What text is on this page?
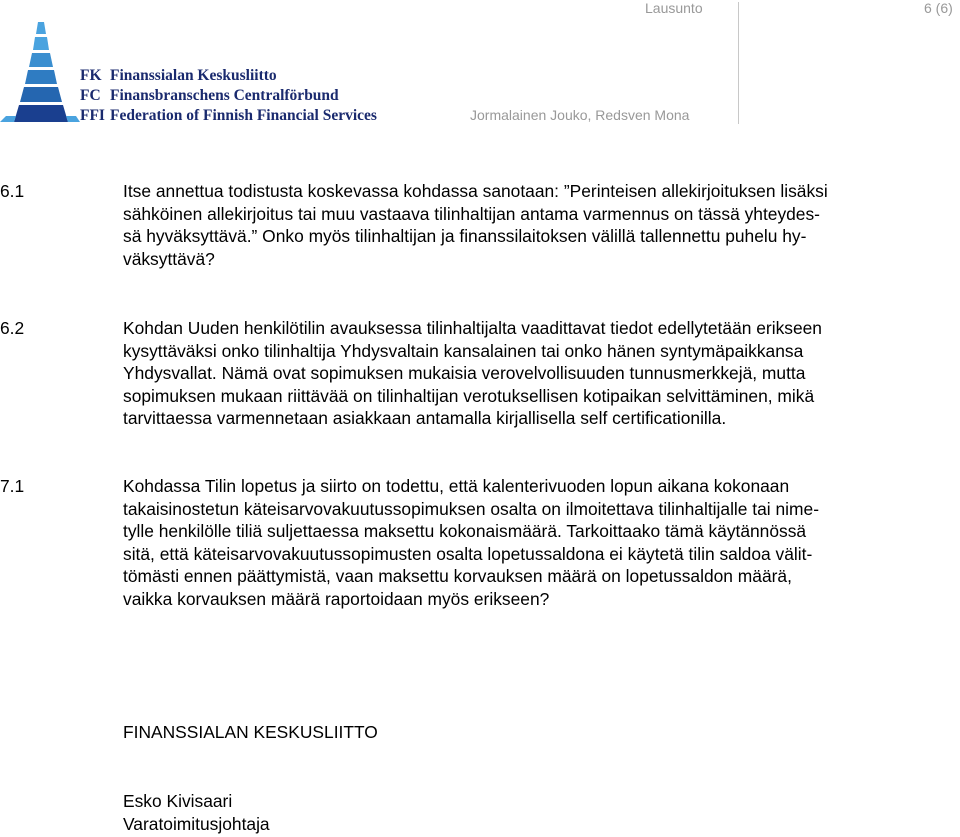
Lausunto	6 (6)
Jormalainen Jouko, Redsven Mona
FK Finanssialan Keskusliitto
FC Finansbranschens Centralförbund
FFI Federation of Finnish Financial Services
6.1	Itse annettua todistusta koskevassa kohdassa sanotaan: ”Perinteisen allekirjoituksen lisäksi
sähköinen allekirjoitus tai muu vastaava tilinhaltijan antama varmennus on tässä yhteydes-
sä hyväksyttävä.” Onko myös tilinhaltijan ja finanssilaitoksen välillä tallennettu puhelu hy-
väksyttävä?
6.2	Kohdan Uuden henkilötilin avauksessa tilinhaltijalta vaadittavat tiedot edellytetään erikseen
kysyttäväksi onko tilinhaltija Yhdysvaltain kansalainen tai onko hänen syntymäpaikkansa
Yhdysvallat. Nämä ovat sopimuksen mukaisia verovelvollisuuden tunnusmerkkejä, mutta
sopimuksen mukaan riittävää on tilinhaltijan verotuksellisen kotipaikan selvittäminen, mikä
tarvittaessa varmennetaan asiakkaan antamalla kirjallisella self certificationilla.
7.1	Kohdassa Tilin lopetus ja siirto on todettu, että kalenterivuoden lopun aikana kokonaan
takaisinostetun käteisarvovakuutussopimuksen osalta on ilmoitettava tilinhaltijalle tai nime-
tylle henkilölle tiliä suljettaessa maksettu kokonaismäärä. Tarkoittaako tämä käytännössä
sitä, että käteisarvovakuutussopimusten osalta lopetussaldona ei käytetä tilin saldoa välit-
tömästi ennen päättymistä, vaan maksettu korvauksen määrä on lopetussaldon määrä,
vaikka korvauksen määrä raportoidaan myös erikseen?
FINANSSIALAN KESKUSLIITTO
Esko Kivisaari
Varatoimitusjohtaja
